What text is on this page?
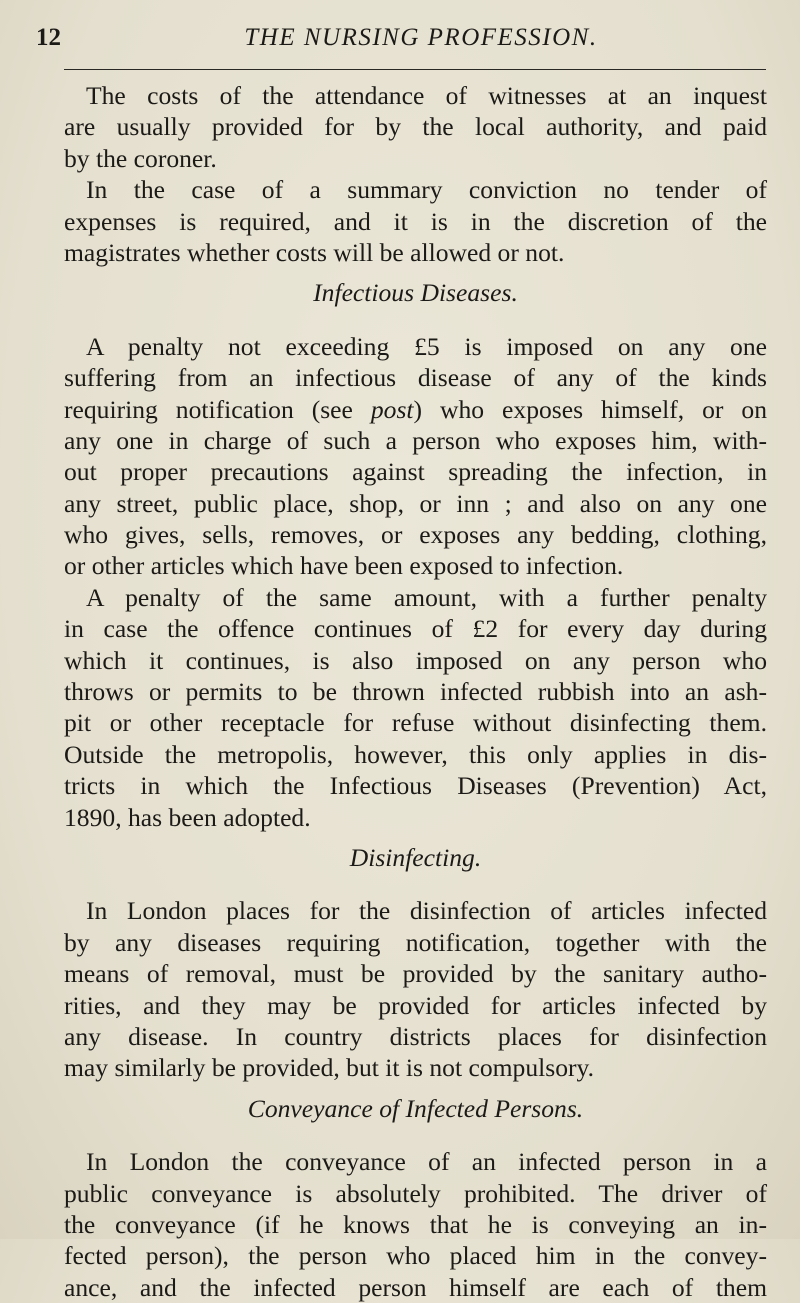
12	THE NURSING PROFESSION.
The costs of the attendance of witnesses at an inquest
are usually provided for by the local authority, and paid
by the coroner.
In the case of a summary conviction no tender of
expenses is required, and it is in the discretion of the
magistrates whether costs will be allowed or not.
Infectious Diseases.
A penalty not exceeding £5 is imposed on any one
suffering from an infectious disease of any of the kinds
requiring notification (see post) who exposes himself, or on
any one in charge of such a person who exposes him, with-
out proper precautions against spreading the infection, in
any street, public place, shop, or inn ; and also on any one
who gives, sells, removes, or exposes any bedding, clothing,
or other articles which have been exposed to infection.
A penalty of the same amount, with a further penalty
in case the offence continues of £2 for every day during
which it continues, is also imposed on any person who
throws or permits to be thrown infected rubbish into an ash-
pit or other receptacle for refuse without disinfecting them.
Outside the metropolis, however, this only applies in dis-
tricts in which the Infectious Diseases (Prevention) Act,
1890, has been adopted.
Disinfecting.
In London places for the disinfection of articles infected
by any diseases requiring notification, together with the
means of removal, must be provided by the sanitary autho-
rities, and they may be provided for articles infected by
any disease. In country districts places for disinfection
may similarly be provided, but it is not compulsory.
Conveyance of Infected Persons.
In London the conveyance of an infected person in a
public conveyance is absolutely prohibited. The driver of
the conveyance (if he knows that he is conveying an in-
fected person), the person who placed him in the convey-
ance, and the infected person himself are each of them
